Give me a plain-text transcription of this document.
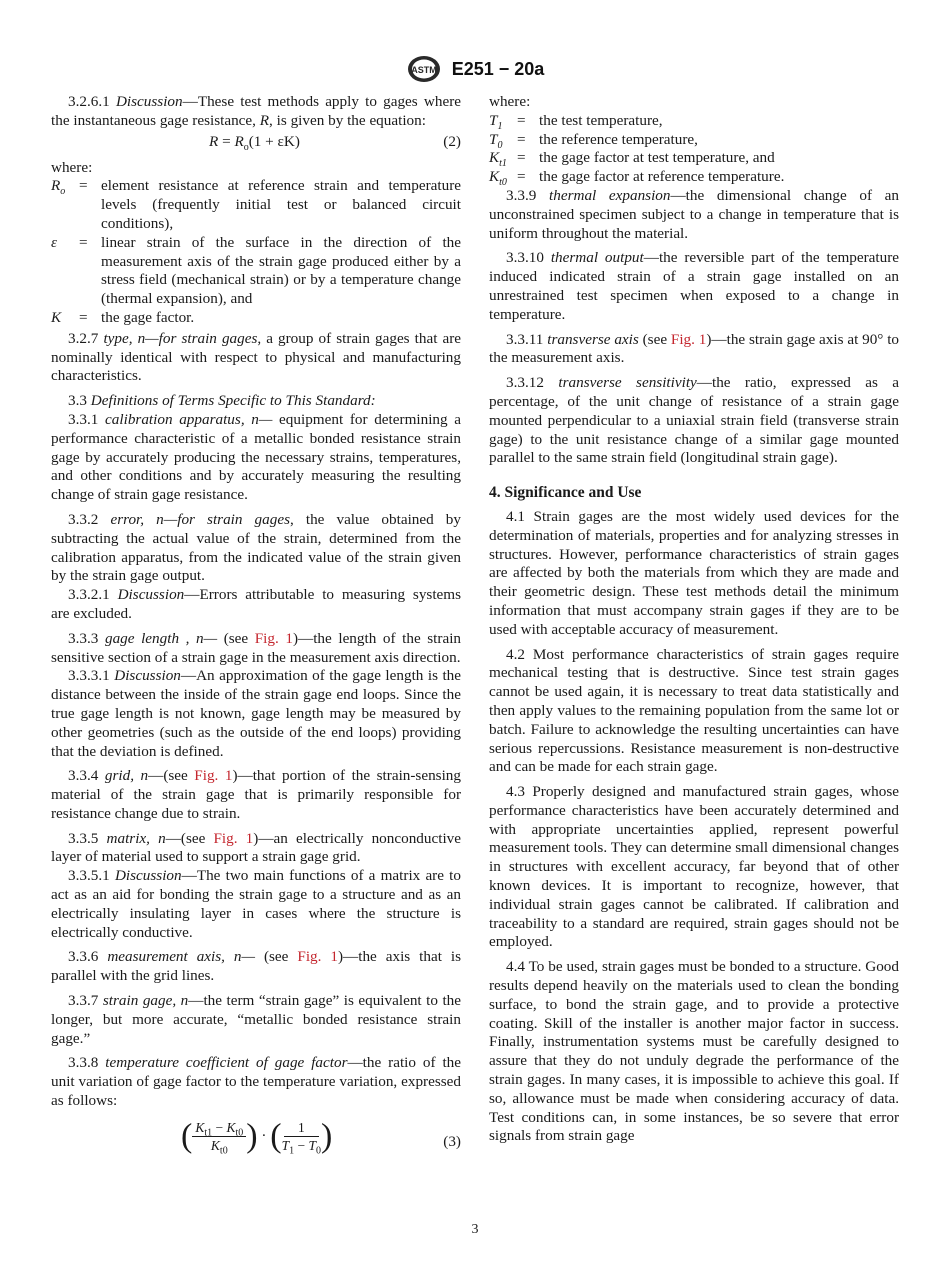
ASTM E251 − 20a

3.2.6.1 Discussion—These test methods apply to gages where the instantaneous gage resistance, R, is given by the equation:

$R = R_o(1 + \varepsilon K)$	(2)

where:

$R_o$	=	element resistance at reference strain and temperature levels (frequently initial test or balanced circuit conditions),
ε	=	linear strain of the surface in the direction of the measurement axis of the strain gage produced either by a stress field (mechanical strain) or by a temperature change (thermal expansion), and
K	=	the gage factor.

3.2.7 type, n—for strain gages, a group of strain gages that are nominally identical with respect to physical and manufacturing characteristics.

3.3 Definitions of Terms Specific to This Standard:

3.3.1 calibration apparatus, n— equipment for determining a performance characteristic of a metallic bonded resistance strain gage by accurately producing the necessary strains, temperatures, and other conditions and by accurately measuring the resulting change of strain gage resistance.

3.3.2 error, n—for strain gages, the value obtained by subtracting the actual value of the strain, determined from the calibration apparatus, from the indicated value of the strain given by the strain gage output.

3.3.2.1 Discussion—Errors attributable to measuring systems are excluded.

3.3.3 gage length , n— (see Fig. 1)—the length of the strain sensitive section of a strain gage in the measurement axis direction.

3.3.3.1 Discussion—An approximation of the gage length is the distance between the inside of the strain gage end loops. Since the true gage length is not known, gage length may be measured by other geometries (such as the outside of the end loops) providing that the deviation is defined.

3.3.4 grid, n—(see Fig. 1)—that portion of the strain-sensing material of the strain gage that is primarily responsible for resistance change due to strain.

3.3.5 matrix, n—(see Fig. 1)—an electrically nonconductive layer of material used to support a strain gage grid.

3.3.5.1 Discussion—The two main functions of a matrix are to act as an aid for bonding the strain gage to a structure and as an electrically insulating layer in cases where the structure is electrically conductive.

3.3.6 measurement axis, n— (see Fig. 1)—the axis that is parallel with the grid lines.

3.3.7 strain gage, n—the term “strain gage” is equivalent to the longer, but more accurate, “metallic bonded resistance strain gage.”

3.3.8 temperature coefficient of gage factor—the ratio of the unit variation of gage factor to the temperature variation, expressed as follows:

( $\frac{K_{t1} - K_{t0}}{K_{t0}}$ ) · ( $\frac{1}{T_1 - T_0}$ )	(3)

where:

$T_1$	=	the test temperature,
$T_0$	=	the reference temperature,
$K_{t1}$	=	the gage factor at test temperature, and
$K_{t0}$	=	the gage factor at reference temperature.

3.3.9 thermal expansion—the dimensional change of an unconstrained specimen subject to a change in temperature that is uniform throughout the material.

3.3.10 thermal output—the reversible part of the temperature induced indicated strain of a strain gage installed on an unrestrained test specimen when exposed to a change in temperature.

3.3.11 transverse axis (see Fig. 1)—the strain gage axis at 90° to the measurement axis.

3.3.12 transverse sensitivity—the ratio, expressed as a percentage, of the unit change of resistance of a strain gage mounted perpendicular to a uniaxial strain field (transverse strain gage) to the unit resistance change of a similar gage mounted parallel to the same strain field (longitudinal strain gage).

4. Significance and Use

4.1 Strain gages are the most widely used devices for the determination of materials, properties and for analyzing stresses in structures. However, performance characteristics of strain gages are affected by both the materials from which they are made and their geometric design. These test methods detail the minimum information that must accompany strain gages if they are to be used with acceptable accuracy of measurement.

4.2 Most performance characteristics of strain gages require mechanical testing that is destructive. Since test strain gages cannot be used again, it is necessary to treat data statistically and then apply values to the remaining population from the same lot or batch. Failure to acknowledge the resulting uncertainties can have serious repercussions. Resistance measurement is non-destructive and can be made for each strain gage.

4.3 Properly designed and manufactured strain gages, whose performance characteristics have been accurately determined and with appropriate uncertainties applied, represent powerful measurement tools. They can determine small dimensional changes in structures with excellent accuracy, far beyond that of other known devices. It is important to recognize, however, that individual strain gages cannot be calibrated. If calibration and traceability to a standard are required, strain gages should not be employed.

4.4 To be used, strain gages must be bonded to a structure. Good results depend heavily on the materials used to clean the bonding surface, to bond the strain gage, and to provide a protective coating. Skill of the installer is another major factor in success. Finally, instrumentation systems must be carefully designed to assure that they do not unduly degrade the performance of the strain gages. In many cases, it is impossible to achieve this goal. If so, allowance must be made when considering accuracy of data. Test conditions can, in some instances, be so severe that error signals from strain gage

3
